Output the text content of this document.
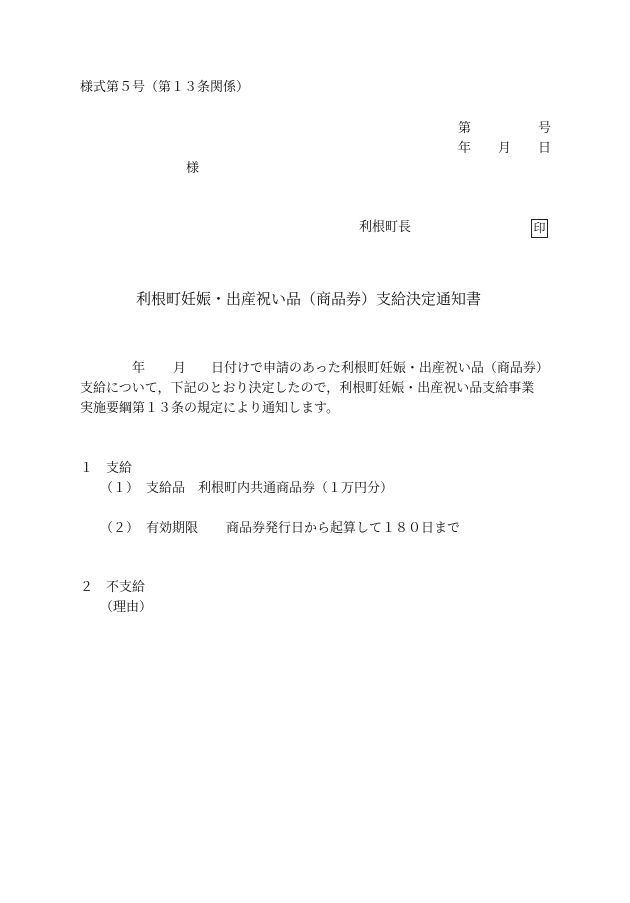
様式第５号（第１３条関係）

第	号

年 月 日

様

利根町長	印

利根町妊娠・出産祝い品（商品券）支給決定通知書

年 月 日付けで申請のあった利根町妊娠・出産祝い品（商品券）

支給について，下記のとおり決定したので，利根町妊娠・出産祝い品支給事業

実施要綱第１３条の規定により通知します。

１　支給

（１） 支給品　利根町内共通商品券（１万円分）

（２） 有効期限 商品券発行日から起算して１８０日まで

２　不支給

（理由）
